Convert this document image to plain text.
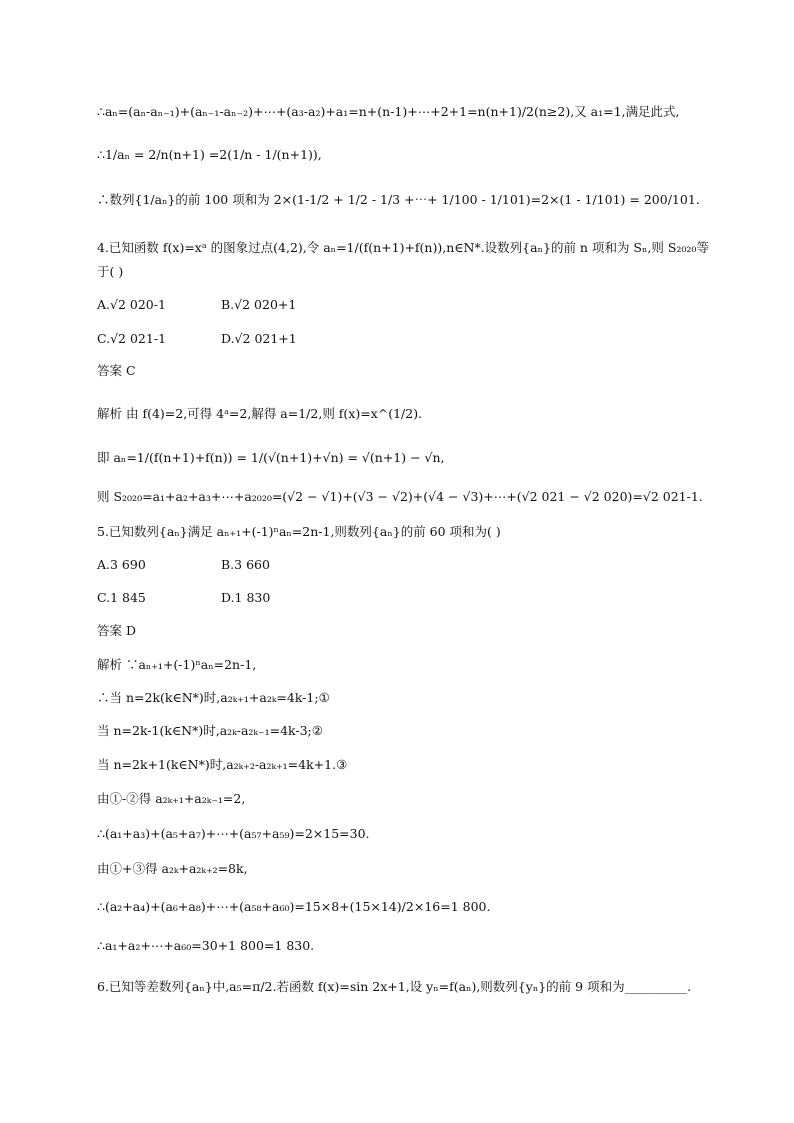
∴aₙ=(aₙ-aₙ₋₁)+(aₙ₋₁-aₙ₋₂)+⋯+(a₃-a₂)+a₁=n+(n-1)+⋯+2+1=n(n+1)/2(n≥2),又 a₁=1,满足此式,
∴1/aₙ = 2/n(n+1) =2(1/n - 1/(n+1)),
∴数列{1/aₙ}的前 100 项和为 2×(1-1/2 + 1/2 - 1/3 +⋯+ 1/100 - 1/101)=2×(1 - 1/101) = 200/101.
4.已知函数 f(x)=xᵃ 的图象过点(4,2),令 aₙ=1/(f(n+1)+f(n)),n∈N*.设数列{aₙ}的前 n 项和为 Sₙ,则 S₂₀₂₀等
于( )
A.√2 020-1	B.√2 020+1
C.√2 021-1	D.√2 021+1
答案 C
解析 由 f(4)=2,可得 4ᵃ=2,解得 a=1/2,则 f(x)=x^(1/2).
即 aₙ=1/(f(n+1)+f(n)) = 1/(√(n+1)+√n) = √(n+1) − √n,
则 S₂₀₂₀=a₁+a₂+a₃+⋯+a₂₀₂₀=(√2 − √1)+(√3 − √2)+(√4 − √3)+⋯+(√2 021 − √2 020)=√2 021-1.
5.已知数列{aₙ}满足 aₙ₊₁+(-1)ⁿaₙ=2n-1,则数列{aₙ}的前 60 项和为( )
A.3 690	B.3 660
C.1 845	D.1 830
答案 D
解析 ∵aₙ₊₁+(-1)ⁿaₙ=2n-1,
∴当 n=2k(k∈N*)时,a₂ₖ₊₁+a₂ₖ=4k-1;①
当 n=2k-1(k∈N*)时,a₂ₖ-a₂ₖ₋₁=4k-3;②
当 n=2k+1(k∈N*)时,a₂ₖ₊₂-a₂ₖ₊₁=4k+1.③
由①-②得 a₂ₖ₊₁+a₂ₖ₋₁=2,
∴(a₁+a₃)+(a₅+a₇)+⋯+(a₅₇+a₅₉)=2×15=30.
由①+③得 a₂ₖ+a₂ₖ₊₂=8k,
∴(a₂+a₄)+(a₆+a₈)+⋯+(a₅₈+a₆₀)=15×8+(15×14)/2×16=1 800.
∴a₁+a₂+⋯+a₆₀=30+1 800=1 830.
6.已知等差数列{aₙ}中,a₅=π/2.若函数 f(x)=sin 2x+1,设 yₙ=f(aₙ),则数列{yₙ}的前 9 项和为__________.
